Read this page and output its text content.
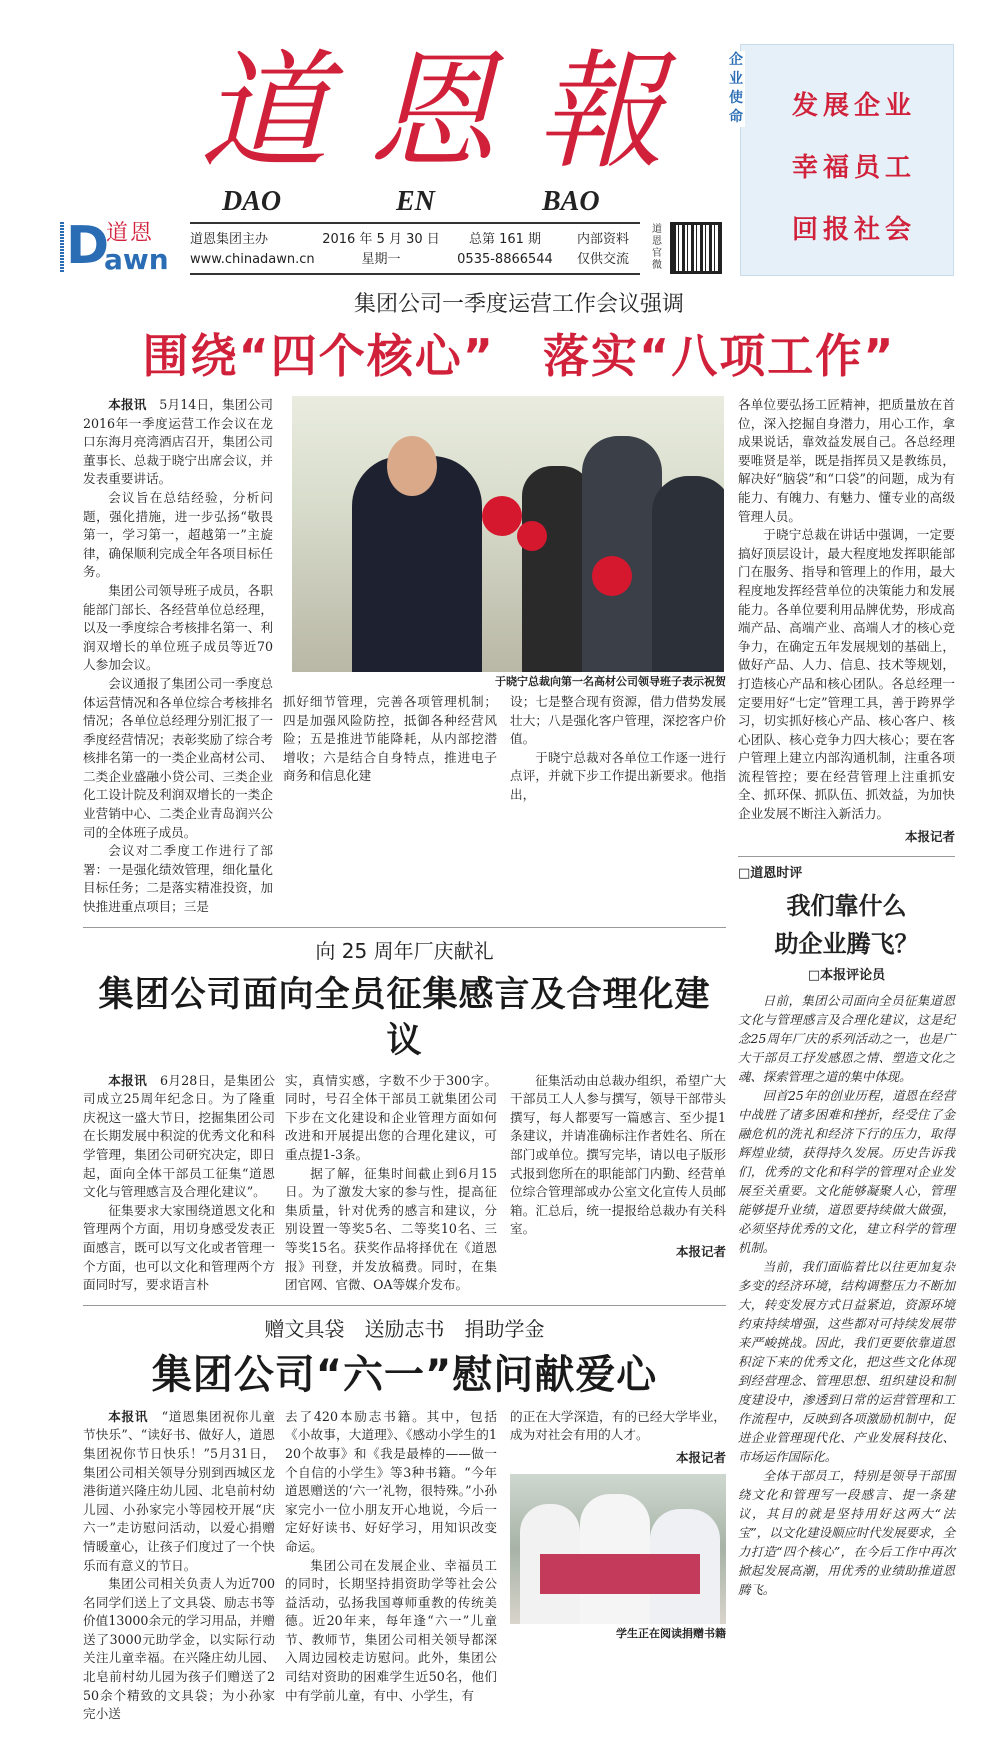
道恩報
DAO	EN	BAO
D
道恩
awn
道恩集团主办
www.chinadawn.cn
2016 年 5 月 30 日
星期一
总第 161 期
0535-8866544
内部资料
仅供交流
道恩官微
企业使命	发展企业
幸福员工
回报社会
集团公司一季度运营工作会议强调
围绕“四个核心”　落实“八项工作”

本报讯　5月14日，集团公司2016年一季度运营工作会议在龙口东海月亮湾酒店召开，集团公司董事长、总裁于晓宁出席会议，并发表重要讲话。

会议旨在总结经验，分析问题，强化措施，进一步弘扬“敬畏第一，学习第一，超越第一”主旋律，确保顺利完成全年各项目标任务。

集团公司领导班子成员，各职能部门部长、各经营单位总经理，以及一季度综合考核排名第一、利润双增长的单位班子成员等近70人参加会议。

会议通报了集团公司一季度总体运营情况和各单位综合考核排名情况；各单位总经理分别汇报了一季度经营情况；表彰奖励了综合考核排名第一的一类企业高材公司、二类企业盛融小贷公司、三类企业化工设计院及利润双增长的一类企业营销中心、二类企业青岛润兴公司的全体班子成员。

会议对二季度工作进行了部署：一是强化绩效管理，细化量化目标任务；二是落实精准投资，加快推进重点项目；三是

于晓宁总裁向第一名高材公司领导班子表示祝贺

抓好细节管理，完善各项管理机制；四是加强风险防控，抵御各种经营风险；五是推进节能降耗，从内部挖潜增收；六是结合自身特点，推进电子商务和信息化建

设；七是整合现有资源，借力借势发展壮大；八是强化客户管理，深挖客户价值。

于晓宁总裁对各单位工作逐一进行点评，并就下步工作提出新要求。他指出，

向 25 周年厂庆献礼
集团公司面向全员征集感言及合理化建议

本报讯　6月28日，是集团公司成立25周年纪念日。为了隆重庆祝这一盛大节日，挖掘集团公司在长期发展中积淀的优秀文化和科学管理，集团公司研究决定，即日起，面向全体干部员工征集“道恩文化与管理感言及合理化建议”。

征集要求大家围绕道恩文化和管理两个方面，用切身感受发表正面感言，既可以写文化或者管理一个方面，也可以文化和管理两个方面同时写，要求语言朴

实，真情实感，字数不少于300字。同时，号召全体干部员工就集团公司下步在文化建设和企业管理方面如何改进和开展提出您的合理化建议，可重点提1-3条。

据了解，征集时间截止到6月15日。为了激发大家的参与性，提高征集质量，针对优秀的感言和建议，分别设置一等奖5名、二等奖10名、三等奖15名。获奖作品将择优在《道恩报》刊登，并发放稿费。同时，在集团官网、官微、OA等媒介发布。

征集活动由总裁办组织，希望广大干部员工人人参与撰写，领导干部带头撰写，每人都要写一篇感言、至少提1条建议，并请准确标注作者姓名、所在部门或单位。撰写完毕，请以电子版形式报到您所在的职能部门内勤、经营单位综合管理部或办公室文化宣传人员邮箱。汇总后，统一提报给总裁办有关科室。

本报记者

赠文具袋　送励志书　捐助学金
集团公司“六一”慰问献爱心

本报讯　“道恩集团祝你儿童节快乐”、“读好书、做好人，道恩集团祝你节日快乐！”5月31日，集团公司相关领导分别到西城区龙港街道兴隆庄幼儿园、北皂前村幼儿园、小孙家完小等园校开展“庆六一”走访慰问活动，以爱心捐赠情暖童心，让孩子们度过了一个快乐而有意义的节日。

集团公司相关负责人为近700名同学们送上了文具袋、励志书等价值13000余元的学习用品，并赠送了3000元助学金，以实际行动关注儿童幸福。在兴隆庄幼儿园、北皂前村幼儿园为孩子们赠送了250余个精致的文具袋；为小孙家完小送

去了420本励志书籍。其中，包括《小故事，大道理》、《感动小学生的120个故事》和《我是最棒的——做一个自信的小学生》等3种书籍。“今年道恩赠送的‘六一’礼物，很特殊。”小孙家完小一位小朋友开心地说，今后一定好好读书、好好学习，用知识改变命运。

集团公司在发展企业、幸福员工的同时，长期坚持捐资助学等社会公益活动，弘扬我国尊师重教的传统美德。近20年来，每年逢“六一”儿童节、教师节，集团公司相关领导都深入周边园校走访慰问。此外，集团公司结对资助的困难学生近50名，他们中有学前儿童，有中、小学生，有

的正在大学深造，有的已经大学毕业，成为对社会有用的人才。

本报记者

学生正在阅读捐赠书籍

各单位要弘扬工匠精神，把质量放在首位，深入挖掘自身潜力，用心工作，拿成果说话，靠效益发展自己。各总经理要唯贤是举，既是指挥员又是教练员，解决好“脑袋”和“口袋”的问题，成为有能力、有魄力、有魅力、懂专业的高级管理人员。

于晓宁总裁在讲话中强调，一定要搞好顶层设计，最大程度地发挥职能部门在服务、指导和管理上的作用，最大程度地发挥经营单位的决策能力和发展能力。各单位要利用品牌优势，形成高端产品、高端产业、高端人才的核心竞争力，在确定五年发展规划的基础上，做好产品、人力、信息、技术等规划，打造核心产品和核心团队。各总经理一定要用好“七定”管理工具，善于跨界学习，切实抓好核心产品、核心客户、核心团队、核心竞争力四大核心；要在客户管理上建立内部沟通机制，注重各项流程管控；要在经营管理上注重抓安全、抓环保、抓队伍、抓效益，为加快企业发展不断注入新活力。

本报记者

□道恩时评
我们靠什么
助企业腾飞？
□本报评论员

日前，集团公司面向全员征集道恩文化与管理感言及合理化建议，这是纪念25周年厂庆的系列活动之一，也是广大干部员工抒发感恩之情、塑造文化之魂、探索管理之道的集中体现。

回首25年的创业历程，道恩在经营中战胜了诸多困难和挫折，经受住了金融危机的洗礼和经济下行的压力，取得辉煌业绩，获得持久发展。历史告诉我们，优秀的文化和科学的管理对企业发展至关重要。文化能够凝聚人心，管理能够提升业绩，道恩要持续做大做强，必须坚持优秀的文化，建立科学的管理机制。

当前，我们面临着比以往更加复杂多变的经济环境，结构调整压力不断加大，转变发展方式日益紧迫，资源环境约束持续增强，这些都对可持续发展带来严峻挑战。因此，我们更要依靠道恩积淀下来的优秀文化，把这些文化体现到经营理念、管理思想、组织建设和制度建设中，渗透到日常的运营管理和工作流程中，反映到各项激励机制中，促进企业管理现代化、产业发展科技化、市场运作国际化。

全体干部员工，特别是领导干部围绕文化和管理写一段感言、提一条建议，其目的就是坚持用好这两大“法宝”，以文化建设顺应时代发展要求，全力打造“四个核心”，在今后工作中再次掀起发展高潮，用优秀的业绩助推道恩腾飞。
